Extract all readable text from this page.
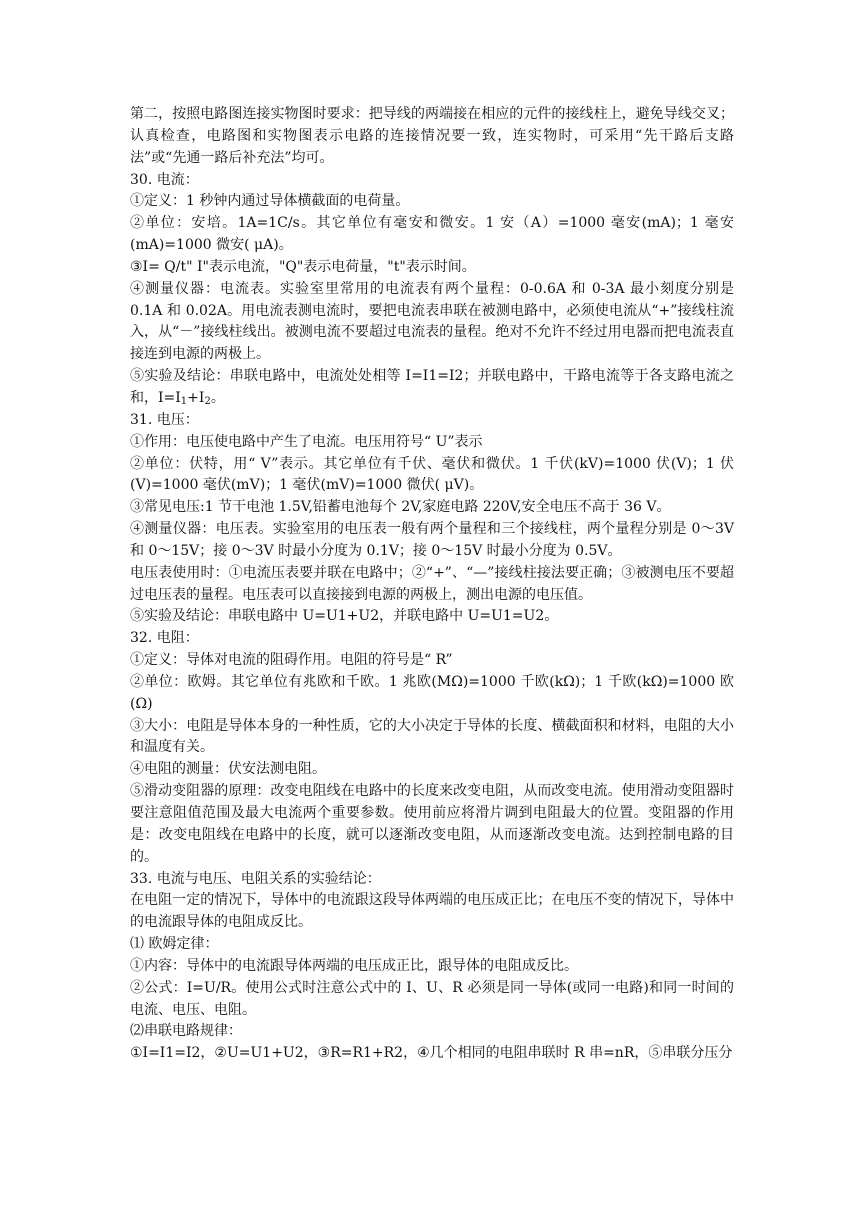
第二，按照电路图连接实物图时要求：把导线的两端接在相应的元件的接线柱上，避免导线交叉；认真检查，电路图和实物图表示电路的连接情况要一致，连实物时，可采用“先干路后支路法”或“先通一路后补充法”均可。

30. 电流：

①定义：1 秒钟内通过导体横截面的电荷量。

②单位：安培。1A=1C/s。其它单位有毫安和微安。1 安（A）=1000 毫安(mA)；1 毫安(mA)=1000 微安( μA)。

③I= Q/t" I"表示电流，"Q"表示电荷量，"t"表示时间。

④测量仪器：电流表。实验室里常用的电流表有两个量程：0-0.6A 和 0-3A 最小刻度分别是 0.1A 和 0.02A。用电流表测电流时，要把电流表串联在被测电路中，必须使电流从“+”接线柱流入，从“－”接线柱线出。被测电流不要超过电流表的量程。绝对不允许不经过用电器而把电流表直接连到电源的两极上。

⑤实验及结论：串联电路中，电流处处相等 I=I1=I2；并联电路中，干路电流等于各支路电流之和，$I=I_1+I_2$。

31. 电压：

①作用：电压使电路中产生了电流。电压用符号“ U”表示

②单位：伏特，用“ V”表示。其它单位有千伏、毫伏和微伏。1 千伏(kV)=1000 伏(V)；1 伏(V)=1000 毫伏(mV)；1 毫伏(mV)=1000 微伏( μV)。

③常见电压:1 节干电池 1.5V,铅蓄电池每个 2V,家庭电路 220V,安全电压不高于 36 V。

④测量仪器：电压表。实验室用的电压表一般有两个量程和三个接线柱，两个量程分别是 0～3V 和 0～15V；接 0～3V 时最小分度为 0.1V；接 0～15V 时最小分度为 0.5V。

电压表使用时：①电流压表要并联在电路中；②“+”、“—”接线柱接法要正确；③被测电压不要超过电压表的量程。电压表可以直接接到电源的两极上，测出电源的电压值。

⑤实验及结论：串联电路中 U=U1+U2，并联电路中 U=U1=U2。

32. 电阻：

①定义：导体对电流的阻碍作用。电阻的符号是“ R”

②单位：欧姆。其它单位有兆欧和千欧。1 兆欧(MΩ)=1000 千欧(kΩ)；1 千欧(kΩ)=1000 欧(Ω)

③大小：电阻是导体本身的一种性质，它的大小决定于导体的长度、横截面积和材料，电阻的大小和温度有关。

④电阻的测量：伏安法测电阻。

⑤滑动变阻器的原理：改变电阻线在电路中的长度来改变电阻，从而改变电流。使用滑动变阻器时要注意阻值范围及最大电流两个重要参数。使用前应将滑片调到电阻最大的位置。变阻器的作用是：改变电阻线在电路中的长度，就可以逐渐改变电阻，从而逐渐改变电流。达到控制电路的目的。

33. 电流与电压、电阻关系的实验结论：

在电阻一定的情况下，导体中的电流跟这段导体两端的电压成正比；在电压不变的情况下，导体中的电流跟导体的电阻成反比。

⑴ 欧姆定律：

①内容：导体中的电流跟导体两端的电压成正比，跟导体的电阻成反比。

②公式：I=U/R。使用公式时注意公式中的 I、U、R 必须是同一导体(或同一电路)和同一时间的电流、电压、电阻。

⑵串联电路规律：

①I=I1=I2，②U=U1+U2，③R=R1+R2，④几个相同的电阻串联时 R 串=nR，⑤串联分压分
